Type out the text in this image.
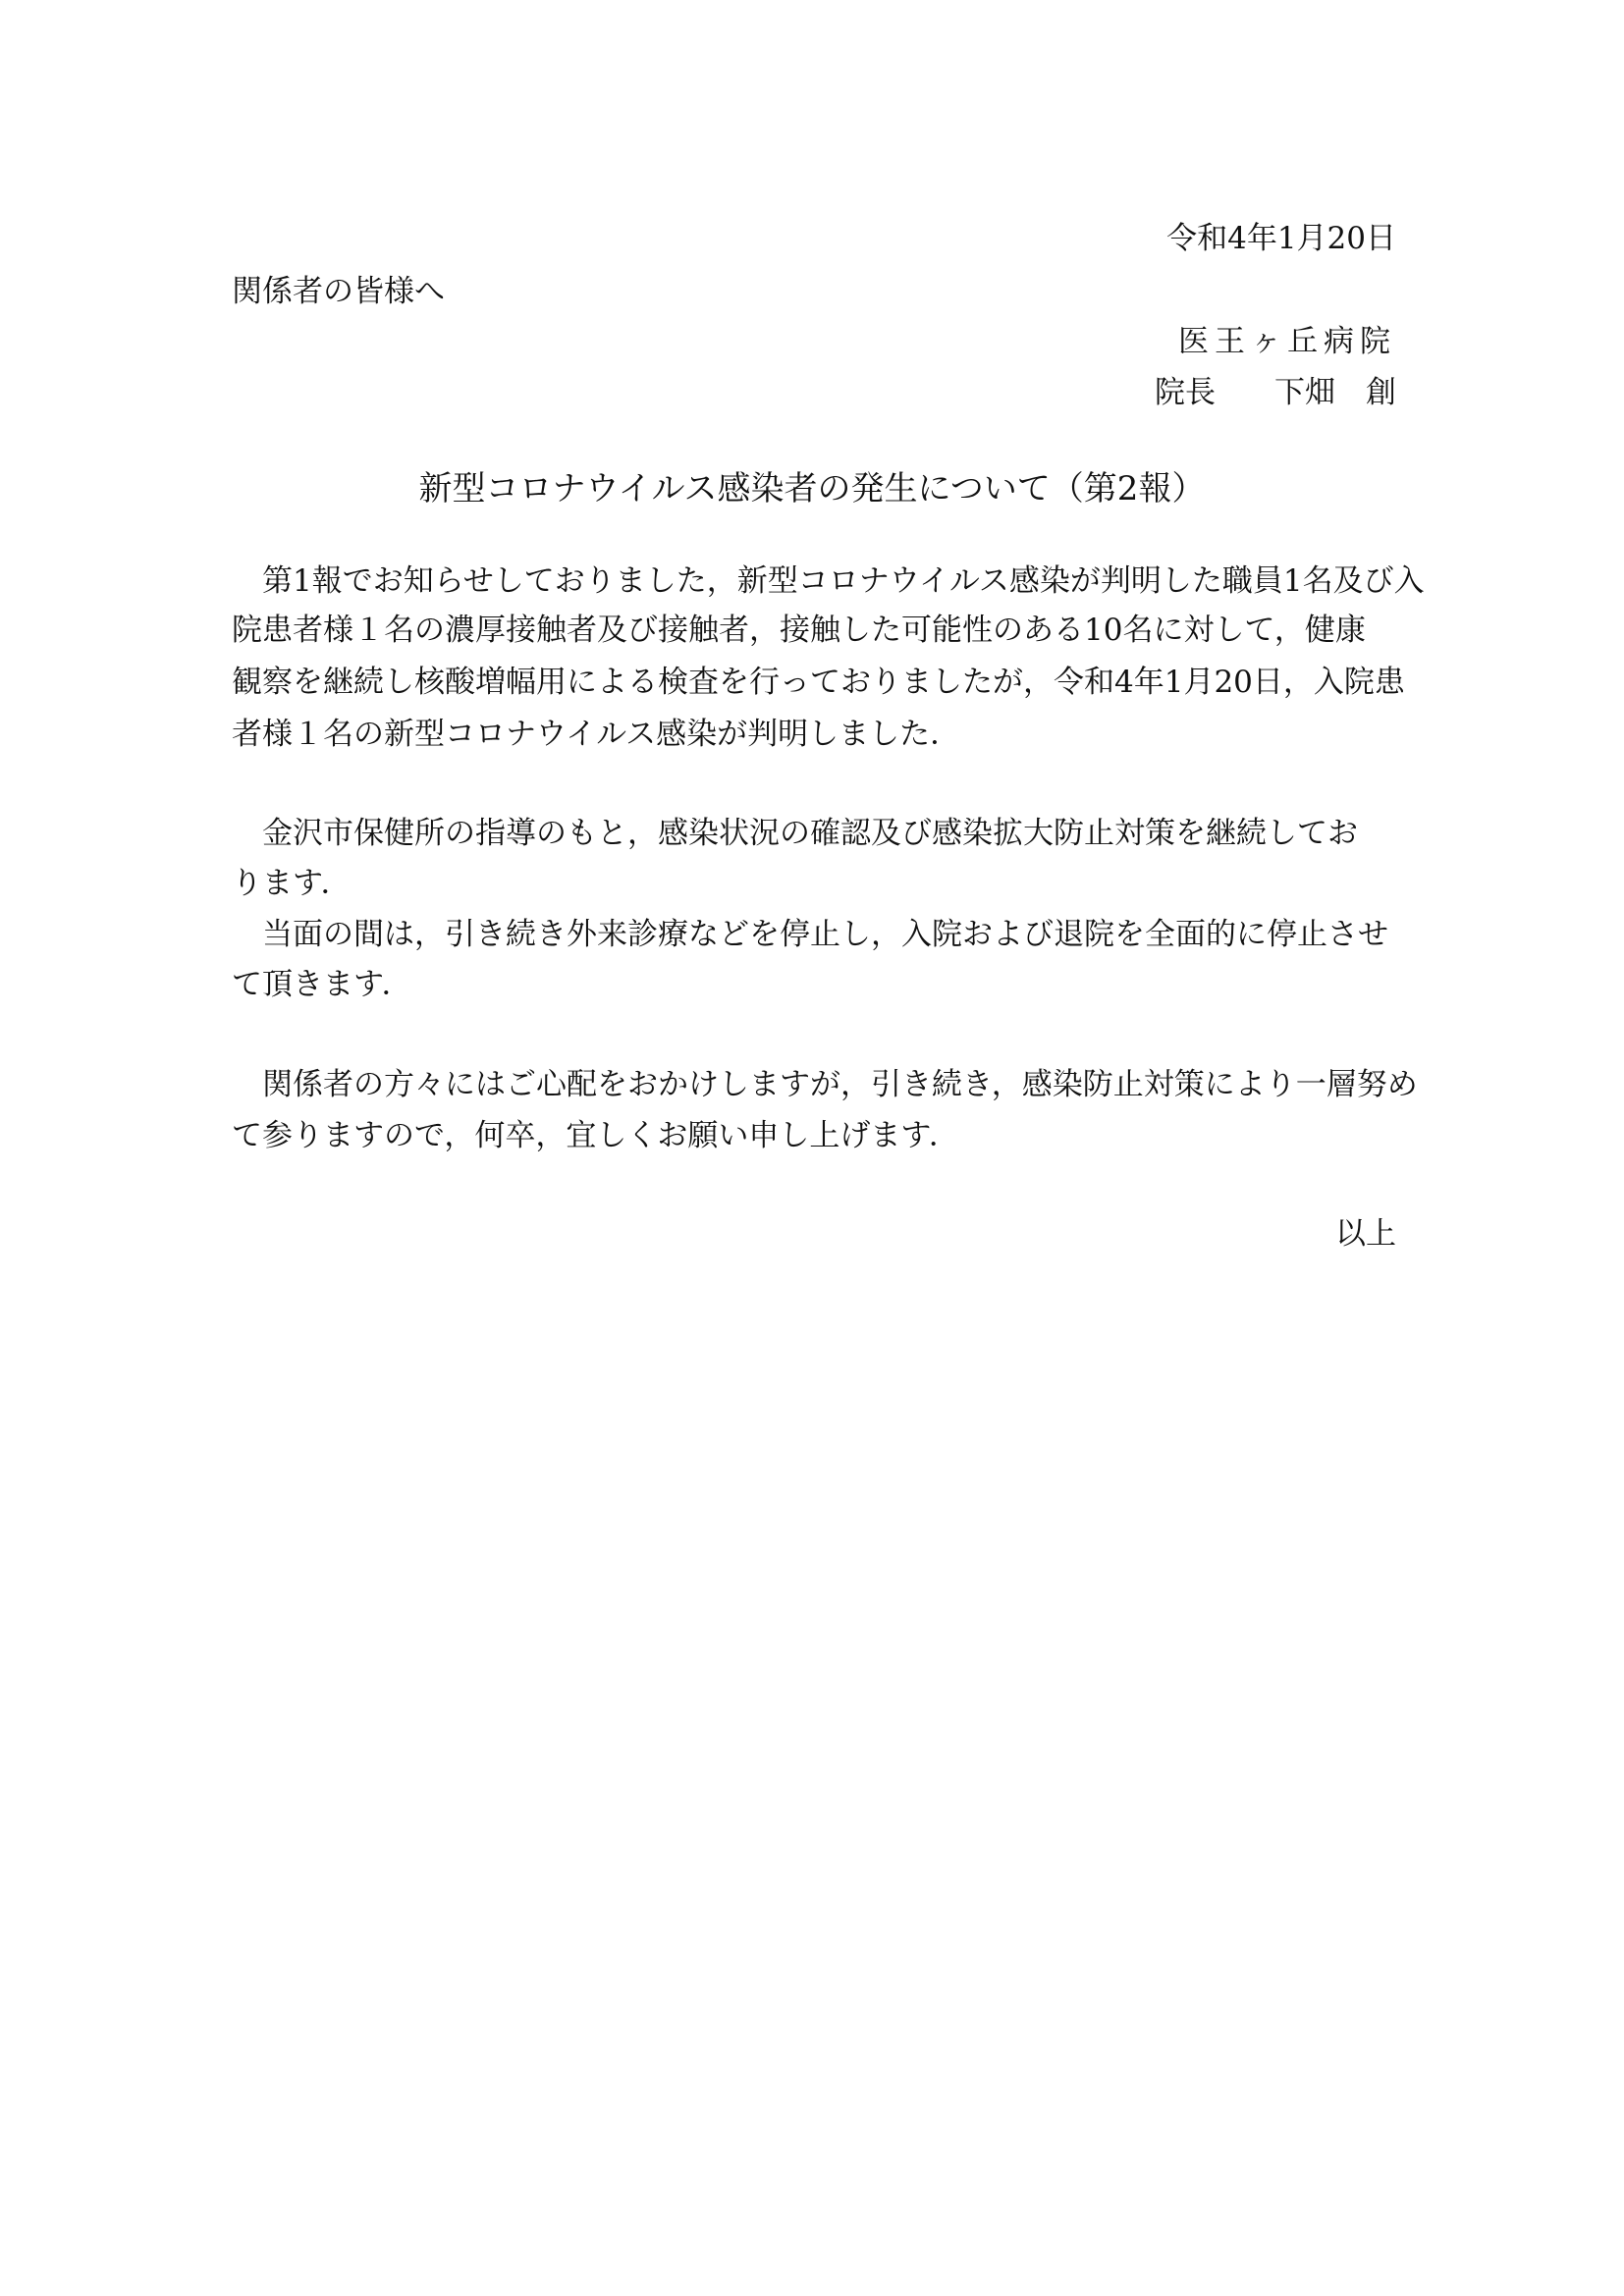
令和4年1月20日
関係者の皆様へ
医王ヶ丘病院
院長 下畑　創
新型コロナウイルス感染者の発生について（第2報）
第1報でお知らせしておりました，新型コロナウイルス感染が判明した職員1名及び入
院患者様１名の濃厚接触者及び接触者，接触した可能性のある10名に対して，健康
観察を継続し核酸増幅用による検査を行っておりましたが，令和4年1月20日，入院患
者様１名の新型コロナウイルス感染が判明しました．
金沢市保健所の指導のもと，感染状況の確認及び感染拡大防止対策を継続してお
ります．
当面の間は，引き続き外来診療などを停止し，入院および退院を全面的に停止させ
て頂きます．
関係者の方々にはご心配をおかけしますが，引き続き，感染防止対策により一層努め
て参りますので，何卒，宜しくお願い申し上げます．
以上
